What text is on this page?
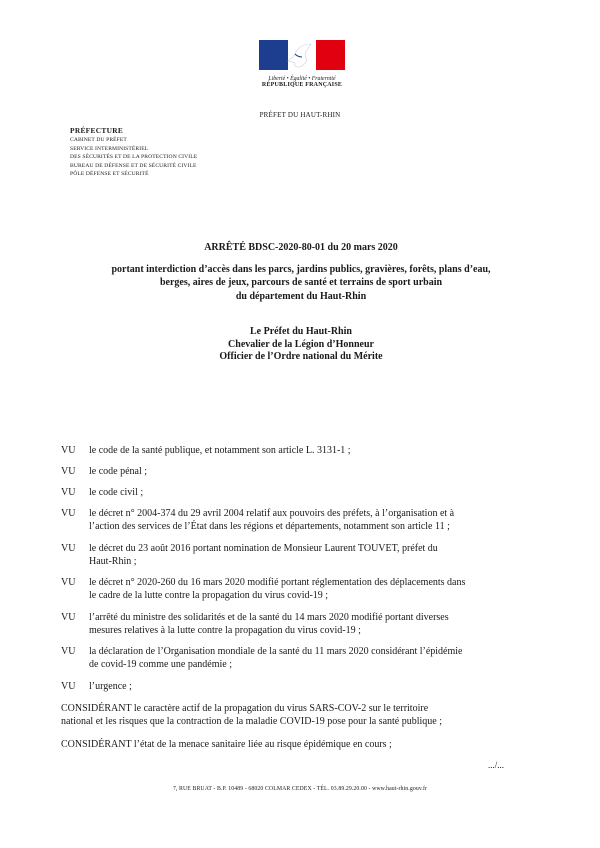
Liberté • Égalité • Fraternité
RÉPUBLIQUE FRANÇAISE
PRÉFET DU HAUT-RHIN
PRÉFECTURE
CABINET DU PRÉFET
SERVICE INTERMINISTÉRIEL
DES SÉCURITÉS ET DE LA PROTECTION CIVILE
BUREAU DE DÉFENSE ET DE SÉCURITÉ CIVILE
PÔLE DÉFENSE ET SÉCURITÉ
ARRÊTÉ BDSC-2020-80-01 du 20 mars 2020
portant interdiction d’accès dans les parcs, jardins publics, gravières, forêts, plans d’eau,
berges, aires de jeux, parcours de santé et terrains de sport urbain
du département du Haut-Rhin
Le Préfet du Haut-Rhin
Chevalier de la Légion d’Honneur
Officier de l’Ordre national du Mérite
VU le code de la santé publique, et notamment son article L. 3131-1 ;
VU le code pénal ;
VU le code civil ;
VU le décret n° 2004-374 du 29 avril 2004 relatif aux pouvoirs des préfets, à l’organisation et à
l’action des services de l’État dans les régions et départements, notamment son article 11 ;
VU le décret du 23 août 2016 portant nomination de Monsieur Laurent TOUVET, préfet du
Haut-Rhin ;
VU le décret n° 2020-260 du 16 mars 2020 modifié portant réglementation des déplacements dans
le cadre de la lutte contre la propagation du virus covid-19 ;
VU l’arrêté du ministre des solidarités et de la santé du 14 mars 2020 modifié portant diverses
mesures relatives à la lutte contre la propagation du virus covid-19 ;
VU la déclaration de l’Organisation mondiale de la santé du 11 mars 2020 considérant l’épidémie
de covid-19 comme une pandémie ;
VU l’urgence ;
CONSIDÉRANT le caractère actif de la propagation du virus SARS-COV-2 sur le territoire
national et les risques que la contraction de la maladie COVID-19 pose pour la santé publique ;
CONSIDÉRANT l’état de la menace sanitaire liée au risque épidémique en cours ;
.../...
7, RUE BRUAT - B.P. 10489 - 68020 COLMAR CEDEX - TÉL. 03.89.29.20.00 - www.haut-rhin.gouv.fr
